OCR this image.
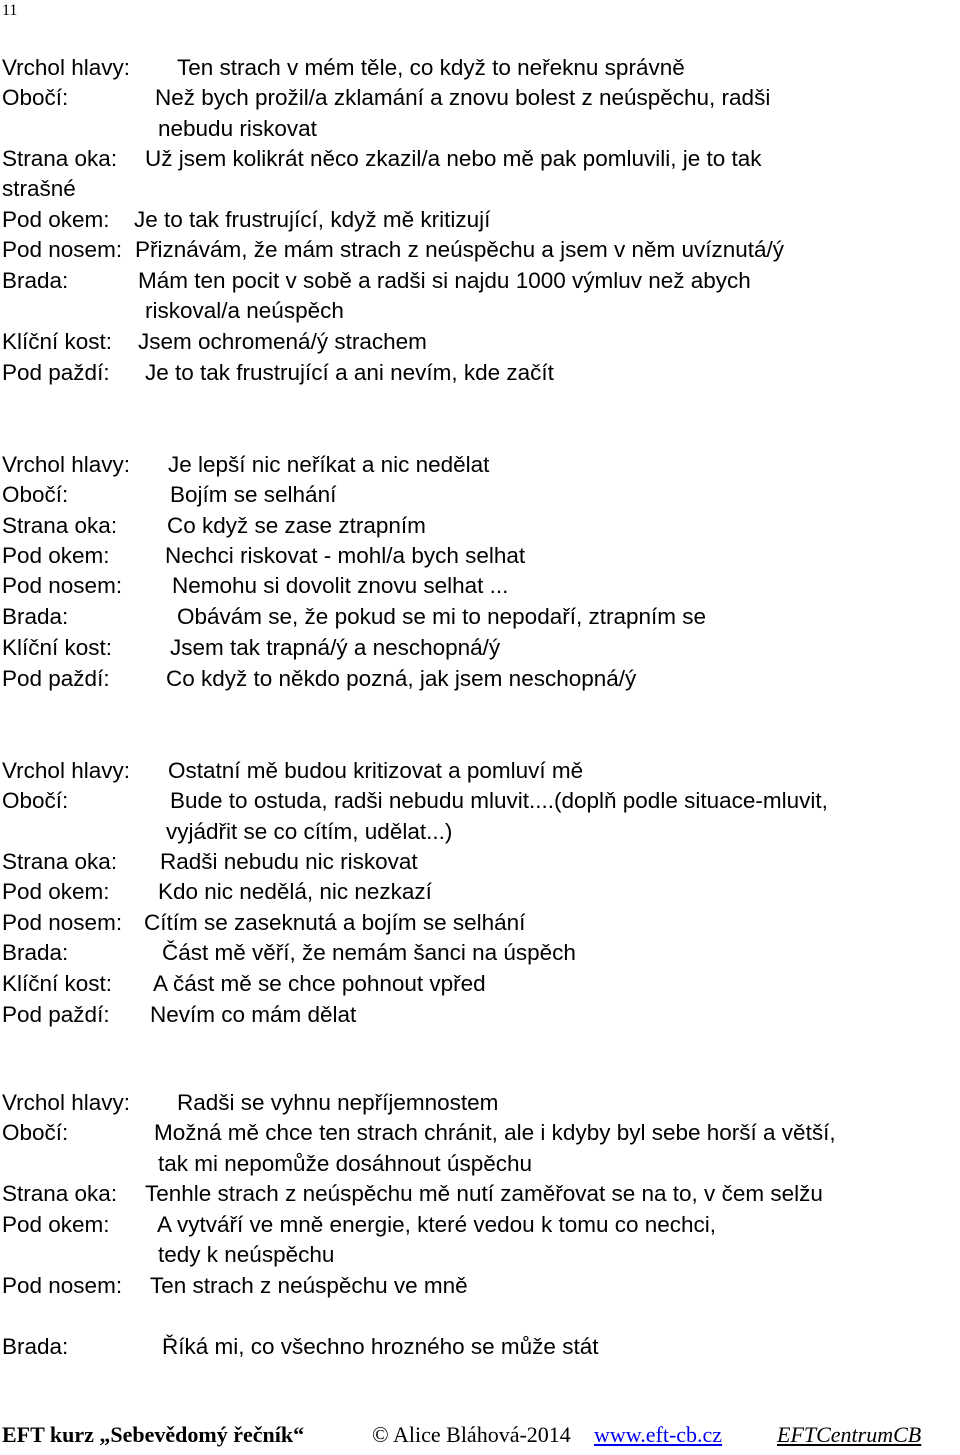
11
Vrchol hlavy: Ten strach v mém těle, co když to neřeknu správně
Obočí:	Než bych prožil/a zklamání a znovu bolest z neúspěchu, radši
nebudu riskovat
Strana oka: Už jsem kolikrát něco zkazil/a nebo mě pak pomluvili, je to tak
strašné
Pod okem: Je to tak frustrující, když mě kritizují
Pod nosem: Přiznávám, že mám strach z neúspěchu a jsem v něm uvíznutá/ý
Brada:	Mám ten pocit v sobě a radši si najdu 1000 výmluv než abych
riskoval/a neúspěch
Klíční kost: Jsem ochromená/ý strachem
Pod paždí: Je to tak frustrující a ani nevím, kde začít
Vrchol hlavy: Je lepší nic neříkat a nic nedělat
Obočí:	Bojím se selhání
Strana oka: Co když se zase ztrapním
Pod okem: Nechci riskovat - mohl/a bych selhat
Pod nosem: Nemohu si dovolit znovu selhat ...
Brada:	Obávám se, že pokud se mi to nepodaří, ztrapním se
Klíční kost:	Jsem tak trapná/ý a neschopná/ý
Pod paždí:	Co když to někdo pozná, jak jsem neschopná/ý
Vrchol hlavy: Ostatní mě budou kritizovat a pomluví mě
Obočí:	Bude to ostuda, radši nebudu mluvit....(doplň podle situace-mluvit,
vyjádřit se co cítím, udělat...)
Strana oka: Radši nebudu nic riskovat
Pod okem: Kdo nic nedělá, nic nezkazí
Pod nosem: Cítím se zaseknutá a bojím se selhání
Brada:	Část mě věří, že nemám šanci na úspěch
Klíční kost: A část mě se chce pohnout vpřed
Pod paždí: Nevím co mám dělat
Vrchol hlavy: Radši se vyhnu nepříjemnostem
Obočí:	Možná mě chce ten strach chránit, ale i kdyby byl sebe horší a větší,
tak mi nepomůže dosáhnout úspěchu
Strana oka: Tenhle strach z neúspěchu mě nutí zaměřovat se na to, v čem selžu
Pod okem: A vytváří ve mně energie, které vedou k tomu co nechci,
tedy k neúspěchu
Pod nosem: Ten strach z neúspěchu ve mně
Brada:	Říká mi, co všechno hrozného se může stát
EFT kurz „Sebevědomý řečník“	© Alice Bláhová-2014 www.eft-cb.cz EFTCentrumCB
